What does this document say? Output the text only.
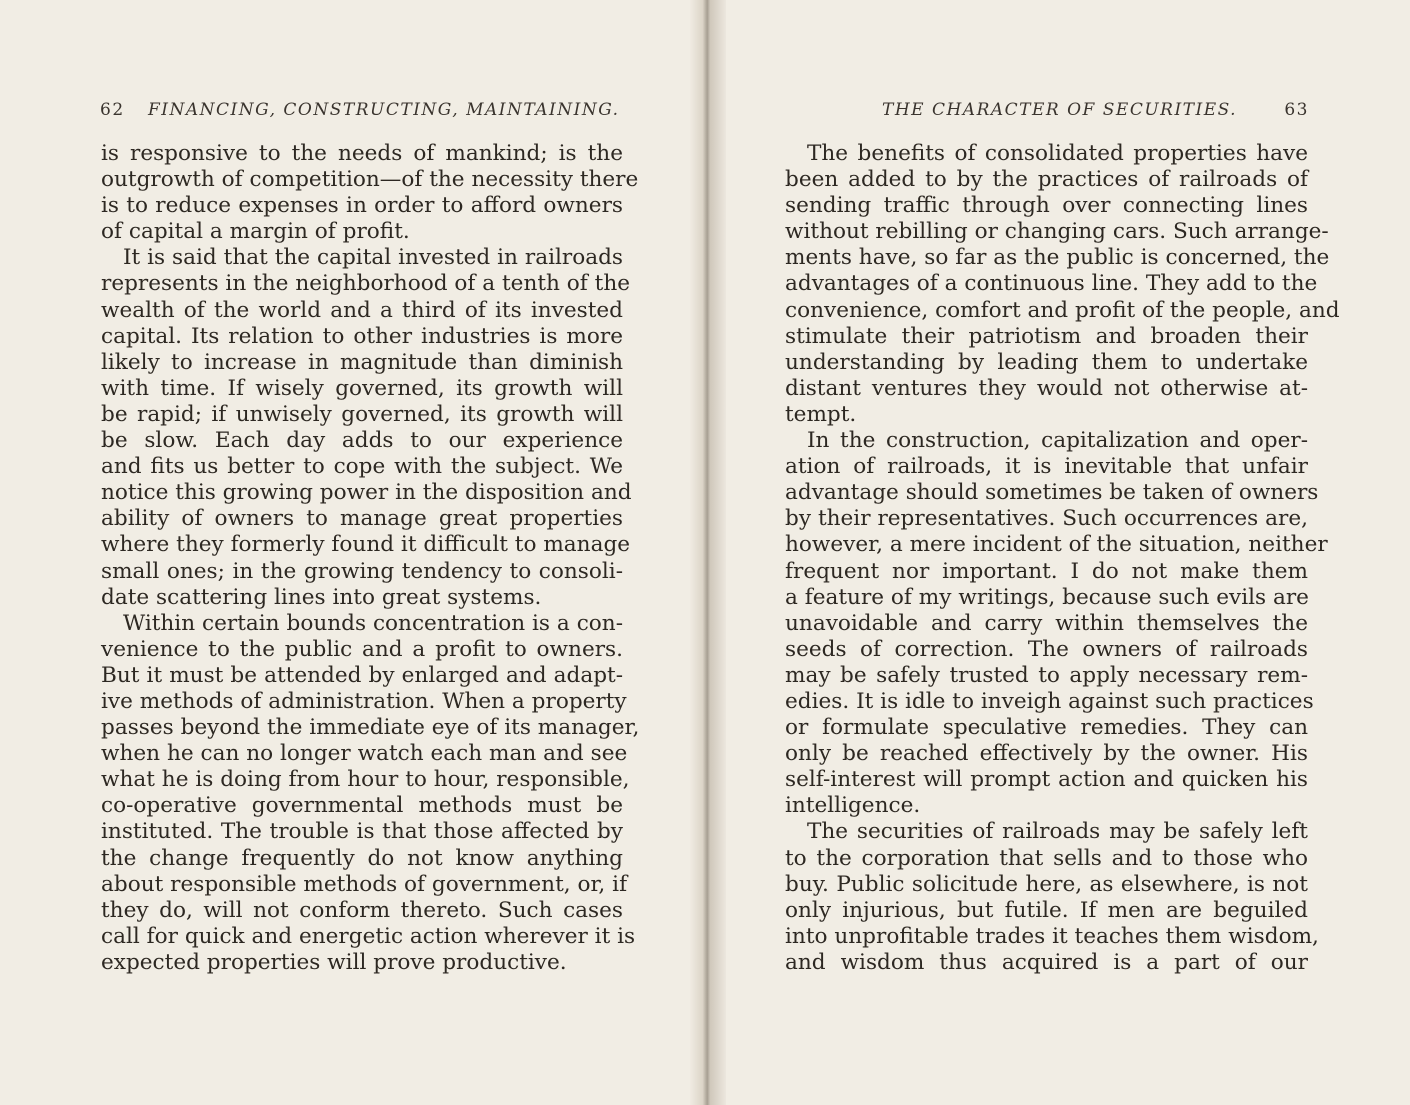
62 FINANCING, CONSTRUCTING, MAINTAINING.
is responsive to the needs of mankind; is the
outgrowth of competition—of the necessity there
is to reduce expenses in order to afford owners
of capital a margin of profit.
It is said that the capital invested in railroads
represents in the neighborhood of a tenth of the
wealth of the world and a third of its invested
capital. Its relation to other industries is more
likely to increase in magnitude than diminish
with time. If wisely governed, its growth will
be rapid; if unwisely governed, its growth will
be slow. Each day adds to our experience
and fits us better to cope with the subject. We
notice this growing power in the disposition and
ability of owners to manage great properties
where they formerly found it difficult to manage
small ones; in the growing tendency to consoli-
date scattering lines into great systems.
Within certain bounds concentration is a con-
venience to the public and a profit to owners.
But it must be attended by enlarged and adapt-
ive methods of administration. When a property
passes beyond the immediate eye of its manager,
when he can no longer watch each man and see
what he is doing from hour to hour, responsible,
co-operative governmental methods must be
instituted. The trouble is that those affected by
the change frequently do not know anything
about responsible methods of government, or, if
they do, will not conform thereto. Such cases
call for quick and energetic action wherever it is
expected properties will prove productive.
THE CHARACTER OF SECURITIES.	63
The benefits of consolidated properties have
been added to by the practices of railroads of
sending traffic through over connecting lines
without rebilling or changing cars. Such arrange-
ments have, so far as the public is concerned, the
advantages of a continuous line. They add to the
convenience, comfort and profit of the people, and
stimulate their patriotism and broaden their
understanding by leading them to undertake
distant ventures they would not otherwise at-
tempt.
In the construction, capitalization and oper-
ation of railroads, it is inevitable that unfair
advantage should sometimes be taken of owners
by their representatives. Such occurrences are,
however, a mere incident of the situation, neither
frequent nor important. I do not make them
a feature of my writings, because such evils are
unavoidable and carry within themselves the
seeds of correction. The owners of railroads
may be safely trusted to apply necessary rem-
edies. It is idle to inveigh against such practices
or formulate speculative remedies. They can
only be reached effectively by the owner. His
self-interest will prompt action and quicken his
intelligence.
The securities of railroads may be safely left
to the corporation that sells and to those who
buy. Public solicitude here, as elsewhere, is not
only injurious, but futile. If men are beguiled
into unprofitable trades it teaches them wisdom,
and wisdom thus acquired is a part of our
